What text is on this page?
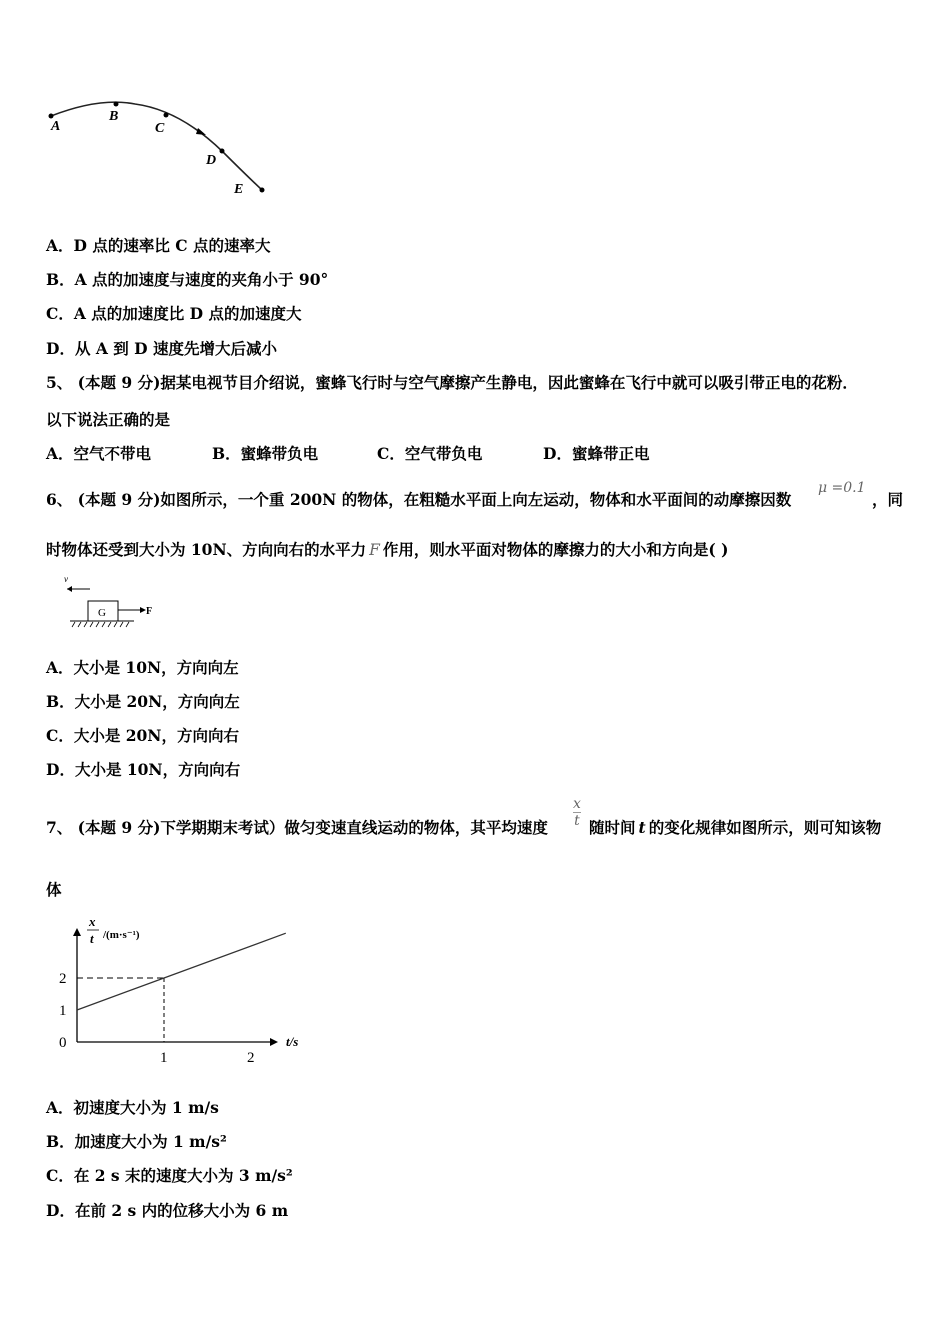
A
B
C
D
E
A．D 点的速率比 C 点的速率大
B．A 点的加速度与速度的夹角小于 90°
C．A 点的加速度比 D 点的加速度大
D．从 A 到 D 速度先增大后减小
5、 (本题 9 分)据某电视节目介绍说，蜜蜂飞行时与空气摩擦产生静电，因此蜜蜂在飞行中就可以吸引带正电的花粉．
以下说法正确的是
A．空气不带电	B．蜜蜂带负电	C．空气带负电	D．蜜蜂带正电
6、 (本题 9 分)如图所示，一个重 200N 的物体，在粗糙水平面上向左运动，物体和水平面间的动摩擦因数
μ =0.1
，同
时物体还受到大小为 10N、方向向右的水平力 F 作用，则水平面对物体的摩擦力的大小和方向是( )
v
G	F
A．大小是 10N，方向向左
B．大小是 20N，方向向左
C．大小是 20N，方向向右
D．大小是 10N，方向向右
7、 (本题 9 分)下学期期末考试）做匀变速直线运动的物体，其平均速度 $\frac{x}{t}$ 随时间 t 的变化规律如图所示，则可知该物
体
x
t /(m·s⁻¹)
t/s
0
1
2
1	2
A．初速度大小为 1 m/s
B．加速度大小为 1 m/s²
C．在 2 s 末的速度大小为 3 m/s²
D．在前 2 s 内的位移大小为 6 m
